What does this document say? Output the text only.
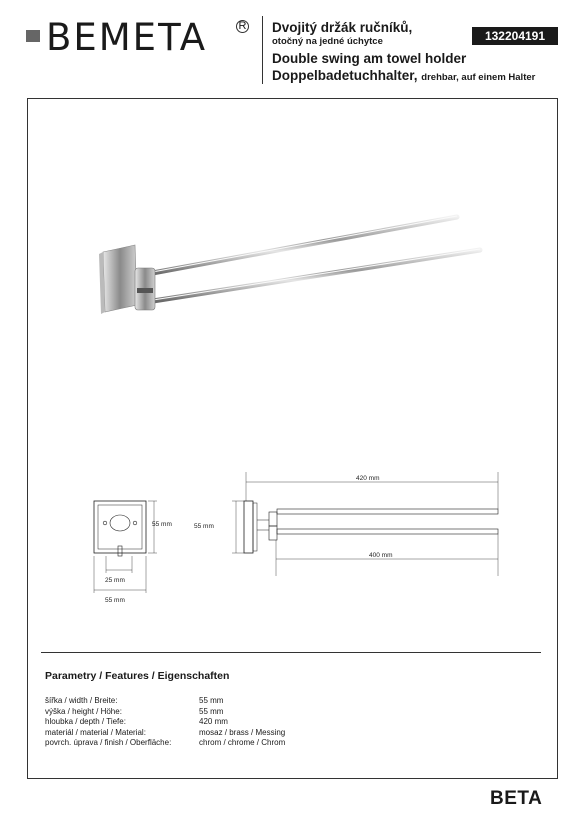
BEMETA	R Dvojitý držák ručníků,
otočný na jedné úchytce
Double swing am towel holder
Doppelbadetuchhalter, drehbar, auf einem Halter
132204191
55 mm
25 mm
55 mm
55 mm
420 mm
400 mm
Parametry / Features / Eigenschaften
šířka / width / Breite:	55 mm
výška / height / Höhe:	55 mm
hloubka / depth / Tiefe:	420 mm
materiál / material / Material:	mosaz / brass / Messing
povrch. úprava / finish / Oberfläche:	chrom / chrome / Chrom
BETA
